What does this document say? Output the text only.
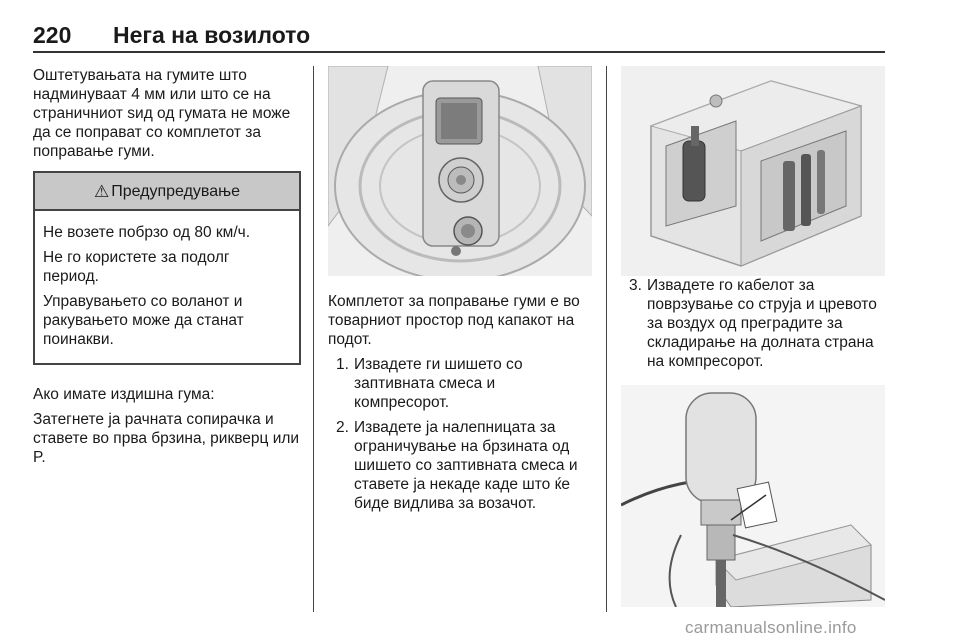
220 Нега на возилото

Оштетувањата на гумите што надминуваат 4 мм или што се на страничниот ѕид од гумата не може да се поправат со комплетот за поправање гуми.

⚠ Предупредување

Не возете побрзо од 80 км/ч.

Не го користете за подолг период.

Управувањето со воланот и ракувањето може да станат поинакви.

Ако имате издишна гума:

Затегнете ја рачната сопирачка и ставете во прва брзина, рикверц или P.

Комплетот за поправање гуми е во товарниот простор под капакот на подот.

1. Извадете ги шишето со заптивната смеса и компресорот.
2. Извадете ја налепницата за ограничување на брзината од шишето со заптивната смеса и ставете ја некаде каде што ќе биде видлива за возачот.
3. Извадете го кабелот за поврзување со струја и цревото за воздух од преградите за складирање на долната страна на компресорот.
carmanualsonline.info
